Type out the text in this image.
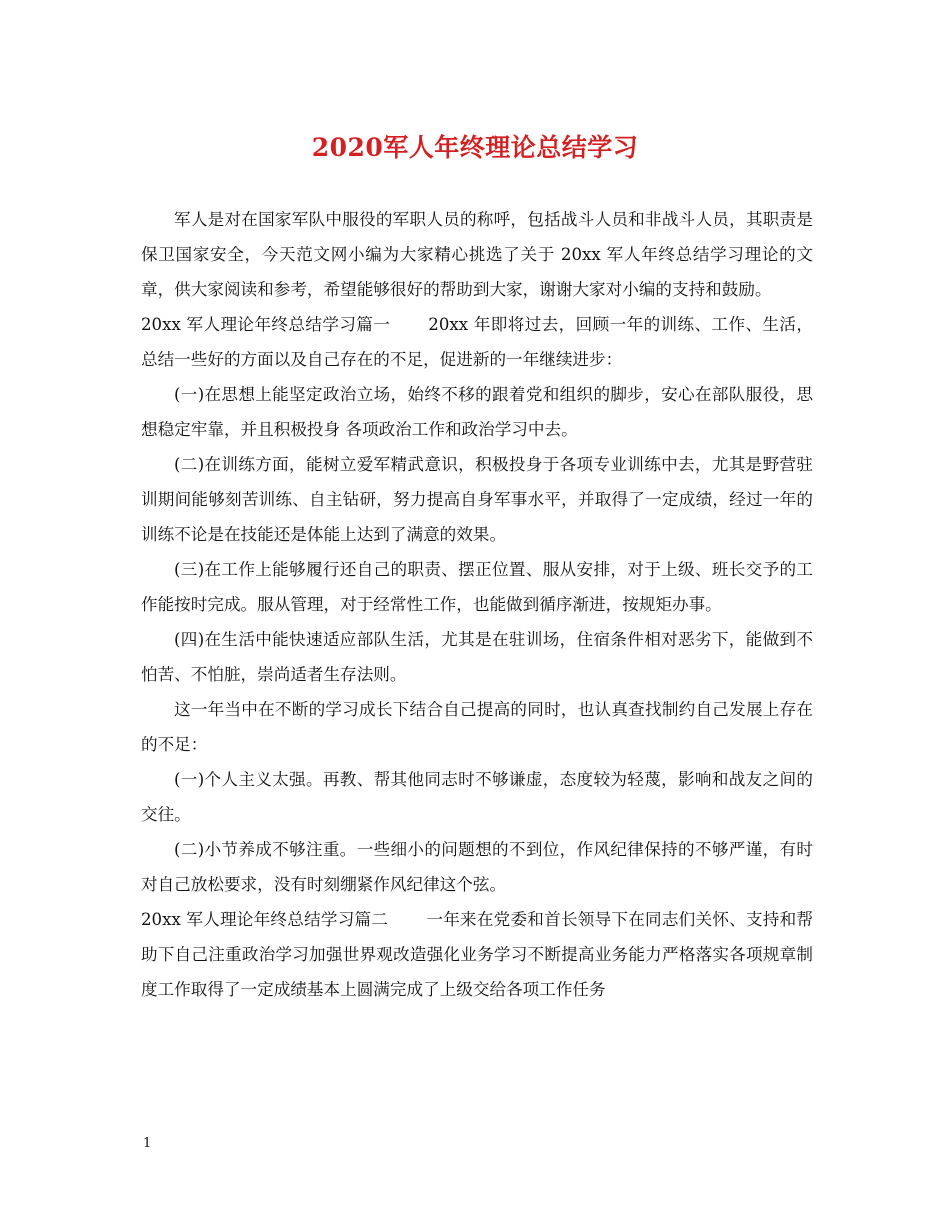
2020军人年终理论总结学习

军人是对在国家军队中服役的军职人员的称呼，包括战斗人员和非战斗人员，其职责是保卫国家安全，今天范文网小编为大家精心挑选了关于 20xx 军人年终总结学习理论的文章，供大家阅读和参考，希望能够很好的帮助到大家，谢谢大家对小编的支持和鼓励。

20xx 军人理论年终总结学习篇一 20xx 年即将过去，回顾一年的训练、工作、生活，总结一些好的方面以及自己存在的不足，促进新的一年继续进步：

(一)在思想上能坚定政治立场，始终不移的跟着党和组织的脚步，安心在部队服役，思想稳定牢靠，并且积极投身 各项政治工作和政治学习中去。

(二)在训练方面，能树立爱军精武意识，积极投身于各项专业训练中去，尤其是野营驻训期间能够刻苦训练、自主钻研，努力提高自身军事水平，并取得了一定成绩，经过一年的训练不论是在技能还是体能上达到了满意的效果。

(三)在工作上能够履行还自己的职责、摆正位置、服从安排，对于上级、班长交予的工作能按时完成。服从管理，对于经常性工作，也能做到循序渐进，按规矩办事。

(四)在生活中能快速适应部队生活，尤其是在驻训场，住宿条件相对恶劣下，能做到不怕苦、不怕脏，崇尚适者生存法则。

这一年当中在不断的学习成长下结合自己提高的同时，也认真查找制约自己发展上存在的不足：

(一)个人主义太强。再教、帮其他同志时不够谦虚，态度较为轻蔑，影响和战友之间的交往。

(二)小节养成不够注重。一些细小的问题想的不到位，作风纪律保持的不够严谨，有时对自己放松要求，没有时刻绷紧作风纪律这个弦。

20xx 军人理论年终总结学习篇二 一年来在党委和首长领导下在同志们关怀、支持和帮助下自己注重政治学习加强世界观改造强化业务学习不断提高业务能力严格落实各项规章制度工作取得了一定成绩基本上圆满完成了上级交给各项工作任务

1
